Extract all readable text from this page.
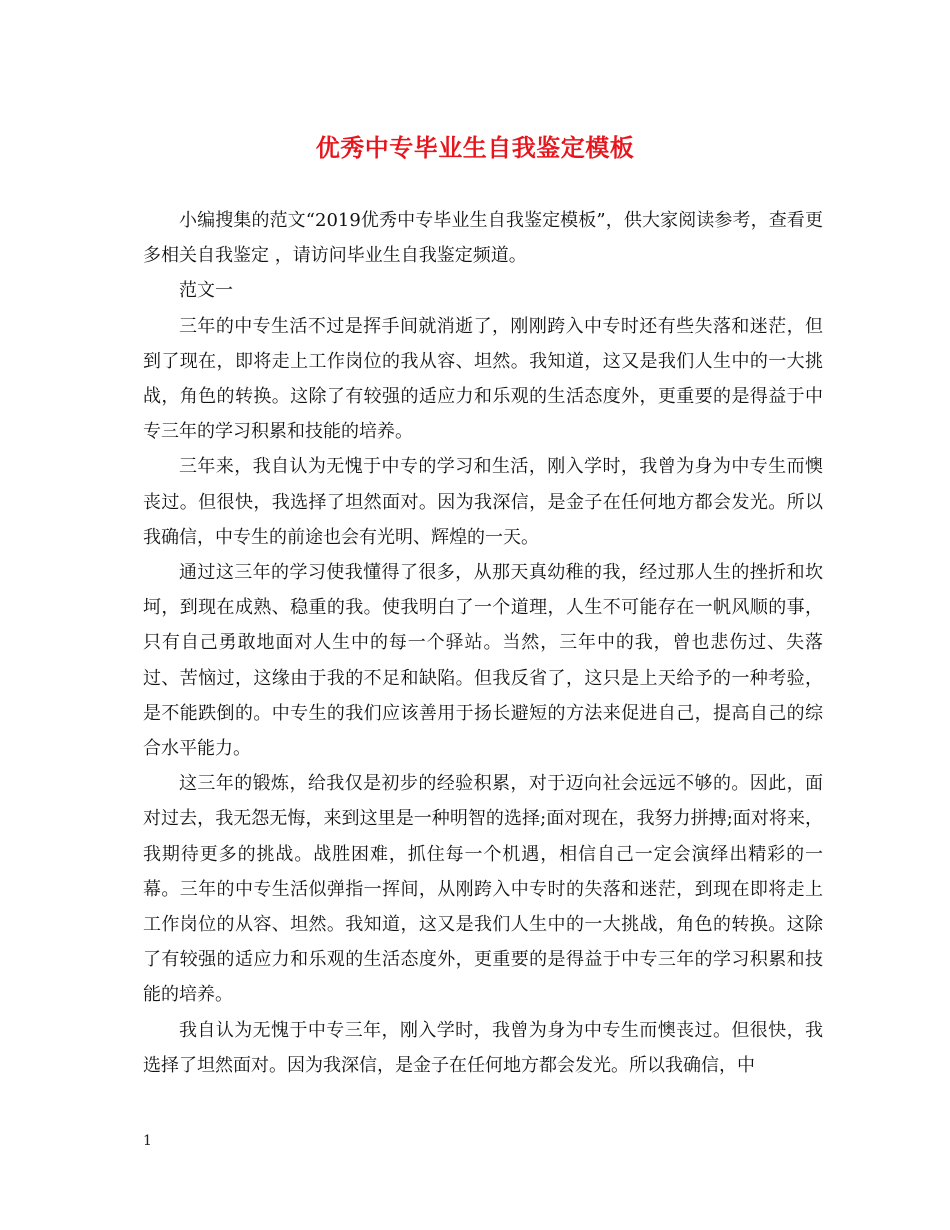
优秀中专毕业生自我鉴定模板

小编搜集的范文“2019优秀中专毕业生自我鉴定模板”，供大家阅读参考，查看更多相关自我鉴定 ，请访问毕业生自我鉴定频道。

范文一

三年的中专生活不过是挥手间就消逝了，刚刚跨入中专时还有些失落和迷茫，但到了现在，即将走上工作岗位的我从容、坦然。我知道，这又是我们人生中的一大挑战，角色的转换。这除了有较强的适应力和乐观的生活态度外，更重要的是得益于中专三年的学习积累和技能的培养。

三年来，我自认为无愧于中专的学习和生活，刚入学时，我曾为身为中专生而懊丧过。但很快，我选择了坦然面对。因为我深信，是金子在任何地方都会发光。所以我确信，中专生的前途也会有光明、辉煌的一天。

通过这三年的学习使我懂得了很多，从那天真幼稚的我，经过那人生的挫折和坎坷，到现在成熟、稳重的我。使我明白了一个道理，人生不可能存在一帆风顺的事，只有自己勇敢地面对人生中的每一个驿站。当然，三年中的我，曾也悲伤过、失落过、苦恼过，这缘由于我的不足和缺陷。但我反省了，这只是上天给予的一种考验，是不能跌倒的。中专生的我们应该善用于扬长避短的方法来促进自己，提高自己的综合水平能力。

这三年的锻炼，给我仅是初步的经验积累，对于迈向社会远远不够的。因此，面对过去，我无怨无悔，来到这里是一种明智的选择;面对现在，我努力拼搏;面对将来，我期待更多的挑战。战胜困难，抓住每一个机遇，相信自己一定会演绎出精彩的一幕。三年的中专生活似弹指一挥间，从刚跨入中专时的失落和迷茫，到现在即将走上工作岗位的从容、坦然。我知道，这又是我们人生中的一大挑战，角色的转换。这除了有较强的适应力和乐观的生活态度外，更重要的是得益于中专三年的学习积累和技能的培养。

我自认为无愧于中专三年，刚入学时，我曾为身为中专生而懊丧过。但很快，我选择了坦然面对。因为我深信，是金子在任何地方都会发光。所以我确信，中

1
